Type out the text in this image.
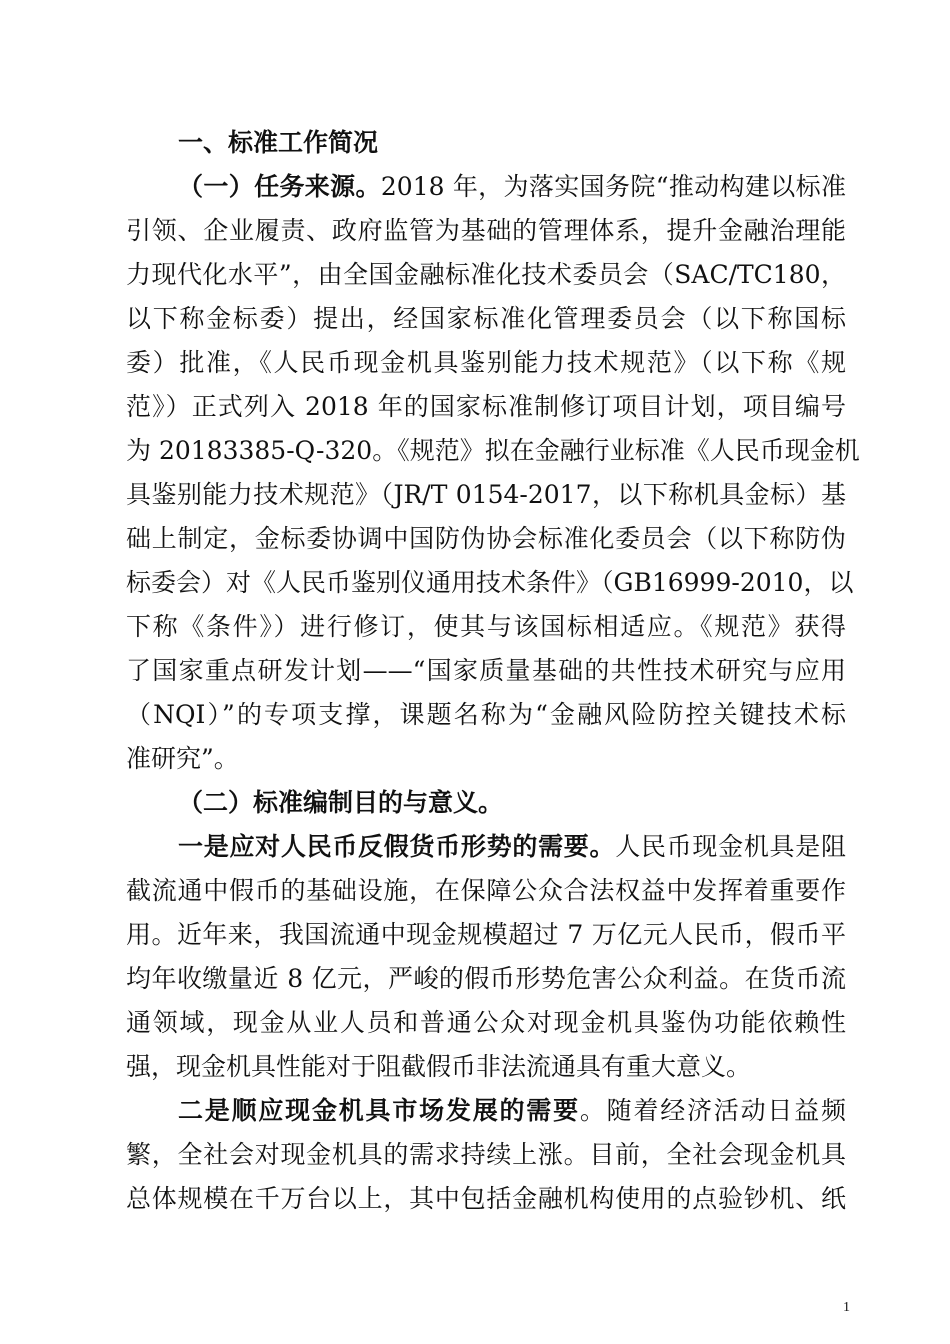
一、标准工作简况
（一）任务来源。2018 年，为落实国务院“推动构建以标准
引领、企业履责、政府监管为基础的管理体系，提升金融治理能
力现代化水平”，由全国金融标准化技术委员会（SAC/TC180，
以下称金标委）提出，经国家标准化管理委员会（以下称国标
委）批准，《人民币现金机具鉴别能力技术规范》（以下称《规
范》）正式列入 2018 年的国家标准制修订项目计划，项目编号
为 20183385-Q-320。《规范》拟在金融行业标准《人民币现金机
具鉴别能力技术规范》（JR/T 0154-2017，以下称机具金标）基
础上制定，金标委协调中国防伪协会标准化委员会（以下称防伪
标委会）对《人民币鉴别仪通用技术条件》（GB16999-2010，以
下称《条件》）进行修订，使其与该国标相适应。《规范》获得
了国家重点研发计划——“国家质量基础的共性技术研究与应用
（NQI）”的专项支撑，课题名称为“金融风险防控关键技术标
准研究”。
（二）标准编制目的与意义。
一是应对人民币反假货币形势的需要。人民币现金机具是阻
截流通中假币的基础设施，在保障公众合法权益中发挥着重要作
用。近年来，我国流通中现金规模超过 7 万亿元人民币，假币平
均年收缴量近 8 亿元，严峻的假币形势危害公众利益。在货币流
通领域，现金从业人员和普通公众对现金机具鉴伪功能依赖性
强，现金机具性能对于阻截假币非法流通具有重大意义。
二是顺应现金机具市场发展的需要。随着经济活动日益频
繁，全社会对现金机具的需求持续上涨。目前，全社会现金机具
总体规模在千万台以上，其中包括金融机构使用的点验钞机、纸
1
